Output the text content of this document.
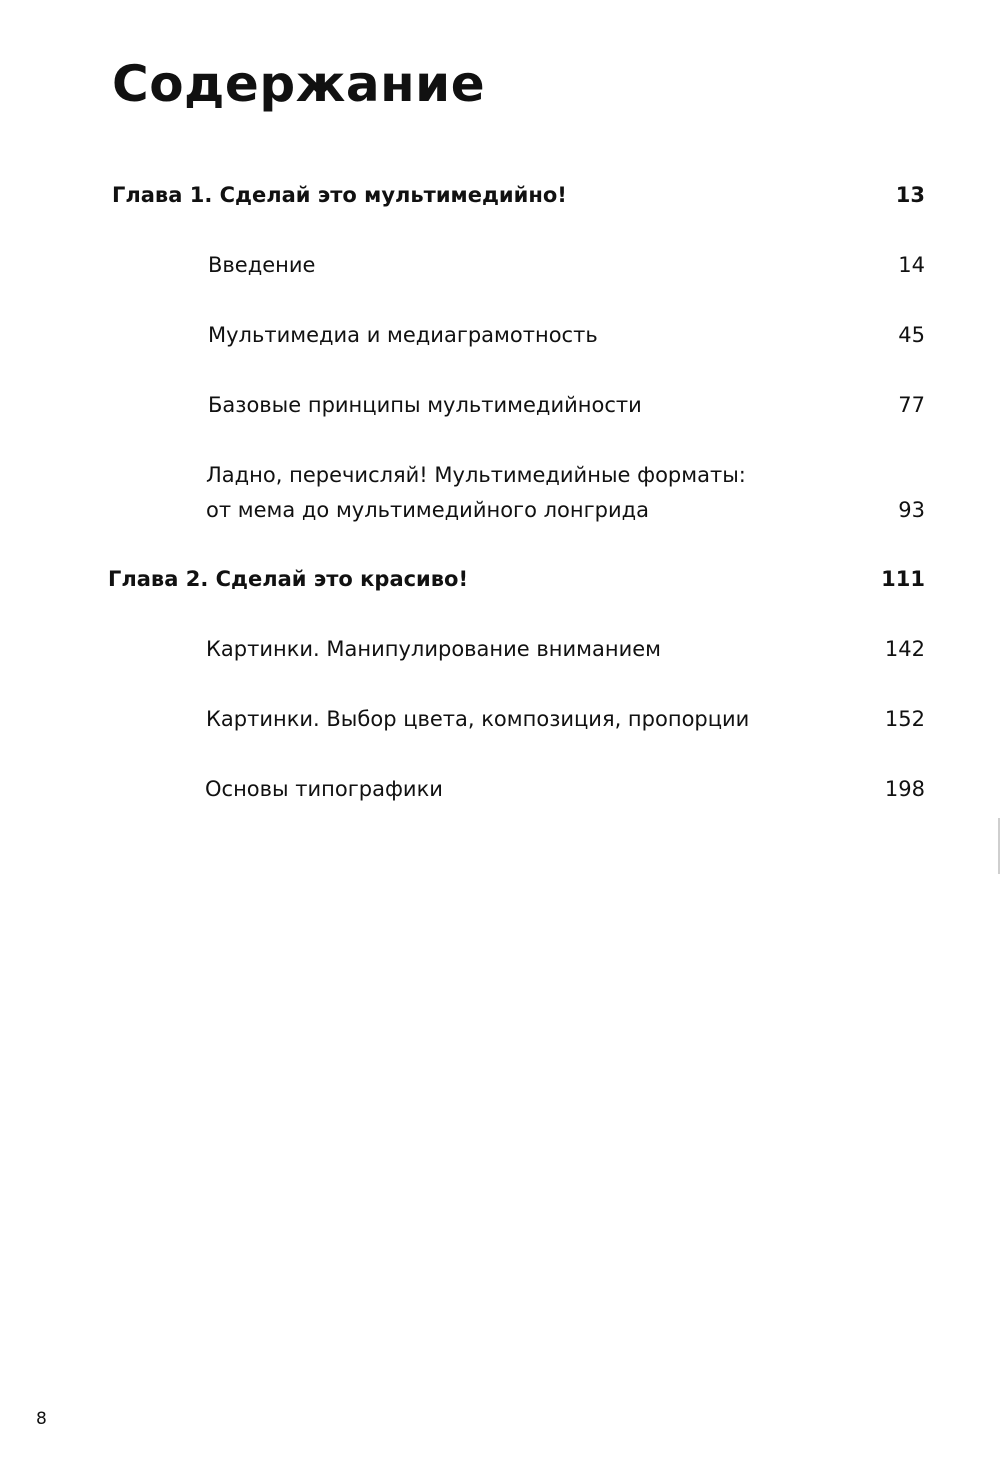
Содержание
Глава 1. Сделай это мультимедийно!	13
Введение	14
Мультимедиа и медиаграмотность	45
Базовые принципы мультимедийности	77
Ладно, перечисляй! Мультимедийные форматы:
от мема до мультимедийного лонгрида	93
Глава 2. Сделай это красиво!	111
Картинки. Манипулирование вниманием	142
Картинки. Выбор цвета, композиция, пропорции	152
Основы типографики	198
8
